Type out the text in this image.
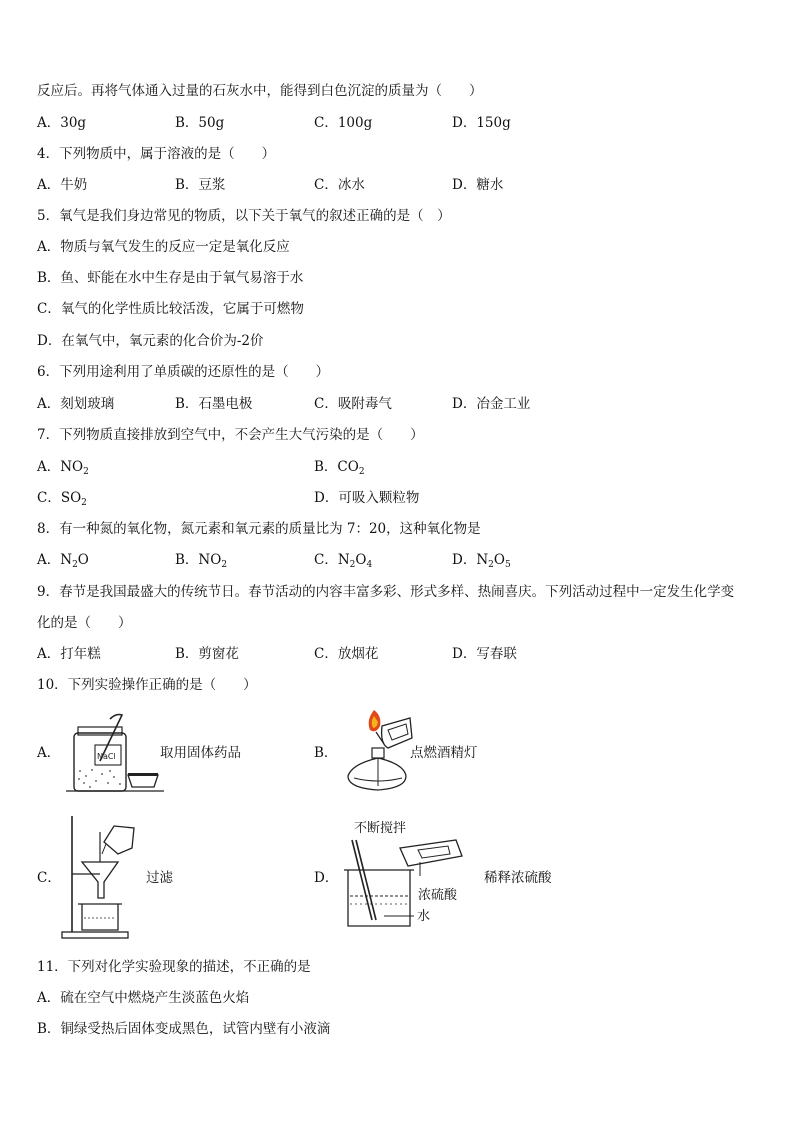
反应后。再将气体通入过量的石灰水中，能得到白色沉淀的质量为（　　）
A．30g	B．50g	C．100g	D．150g
4．下列物质中，属于溶液的是（　　）
A．牛奶	B．豆浆	C．冰水	D．糖水
5．氧气是我们身边常见的物质，以下关于氧气的叙述正确的是（　）
A．物质与氧气发生的反应一定是氧化反应
B．鱼、虾能在水中生存是由于氧气易溶于水
C．氧气的化学性质比较活泼，它属于可燃物
D．在氧气中，氧元素的化合价为-2价
6．下列用途利用了单质碳的还原性的是（　　）
A．刻划玻璃	B．石墨电极	C．吸附毒气	D．冶金工业
7．下列物质直接排放到空气中，不会产生大气污染的是（　　）
A．$NO_2$	B．$CO_2$
C．$SO_2$	D．可吸入颗粒物
8．有一种氮的氧化物，氮元素和氧元素的质量比为 7：20，这种氧化物是
A．$N_2O$	B．$NO_2$	C．$N_2O_4$	D．$N_2O_5$
9．春节是我国最盛大的传统节日。春节活动的内容丰富多彩、形式多样、热闹喜庆。下列活动过程中一定发生化学变
化的是（　　）
A．打年糕	B．剪窗花	C．放烟花	D．写春联
10．下列实验操作正确的是（　　）
A．	NaCl	取用固体药品	B．	点燃酒精灯
C．	过滤	D．
不断搅拌
浓硫酸
水
稀释浓硫酸
11．下列对化学实验现象的描述，不正确的是
A．硫在空气中燃烧产生淡蓝色火焰
B．铜绿受热后固体变成黑色，试管内壁有小液滴
